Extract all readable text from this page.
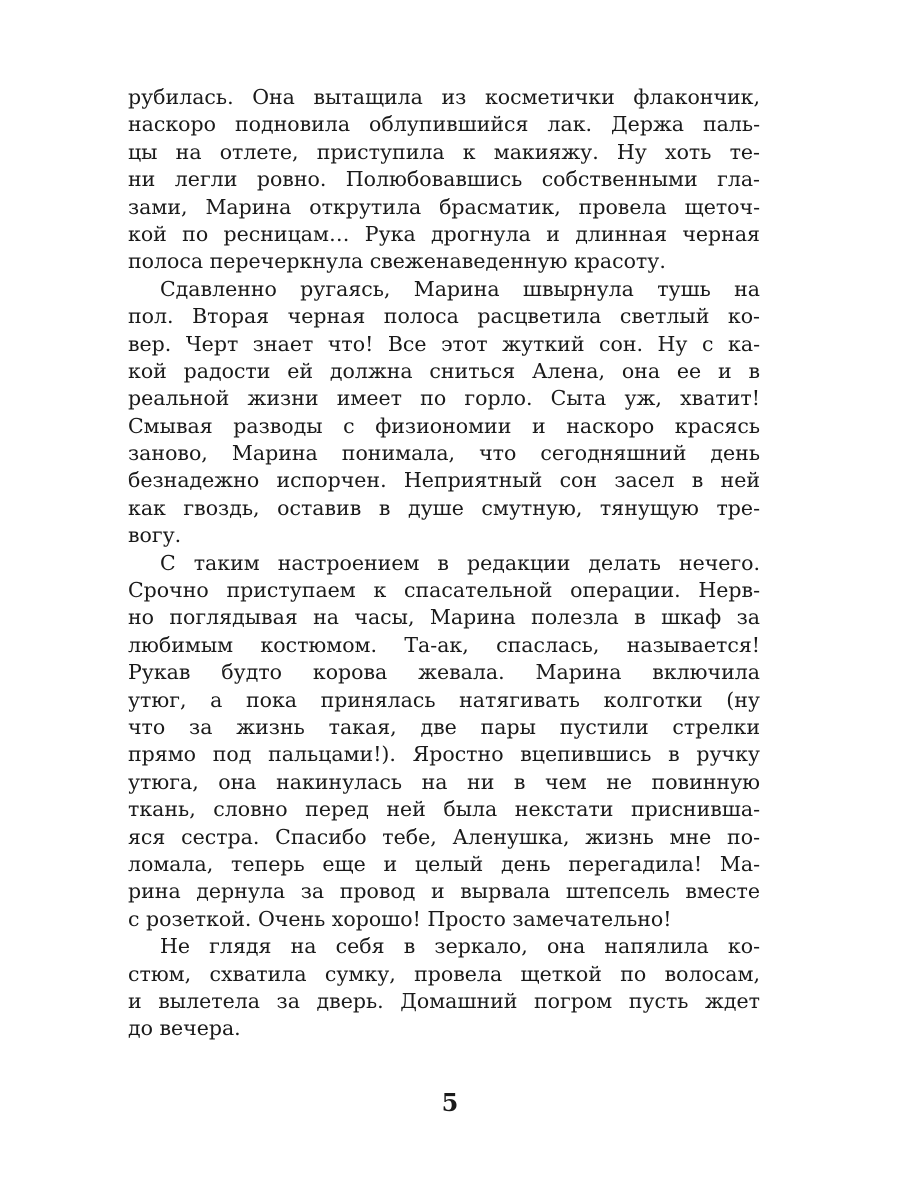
рубилась. Она вытащила из косметички флакончик,
наскоро подновила облупившийся лак. Держа паль-
цы на отлете, приступила к макияжу. Ну хоть те-
ни легли ровно. Полюбовавшись собственными гла-
зами, Марина открутила брасматик, провела щеточ-
кой по ресницам… Рука дрогнула и длинная черная
полоса перечеркнула свеженаведенную красоту.
Сдавленно ругаясь, Марина швырнула тушь на
пол. Вторая черная полоса расцветила светлый ко-
вер. Черт знает что! Все этот жуткий сон. Ну с ка-
кой радости ей должна сниться Алена, она ее и в
реальной жизни имеет по горло. Сыта уж, хватит!
Смывая разводы с физиономии и наскоро красясь
заново, Марина понимала, что сегодняшний день
безнадежно испорчен. Неприятный сон засел в ней
как гвоздь, оставив в душе смутную, тянущую тре-
вогу.
С таким настроением в редакции делать нечего.
Срочно приступаем к спасательной операции. Нерв-
но поглядывая на часы, Марина полезла в шкаф за
любимым костюмом. Та-ак, спаслась, называется!
Рукав будто корова жевала. Марина включила
утюг, а пока принялась натягивать колготки (ну
что за жизнь такая, две пары пустили стрелки
прямо под пальцами!). Яростно вцепившись в ручку
утюга, она накинулась на ни в чем не повинную
ткань, словно перед ней была некстати приснивша-
яся сестра. Спасибо тебе, Аленушка, жизнь мне по-
ломала, теперь еще и целый день перегадила! Ма-
рина дернула за провод и вырвала штепсель вместе
с розеткой. Очень хорошо! Просто замечательно!
Не глядя на себя в зеркало, она напялила ко-
стюм, схватила сумку, провела щеткой по волосам,
и вылетела за дверь. Домашний погром пусть ждет
до вечера.
5
